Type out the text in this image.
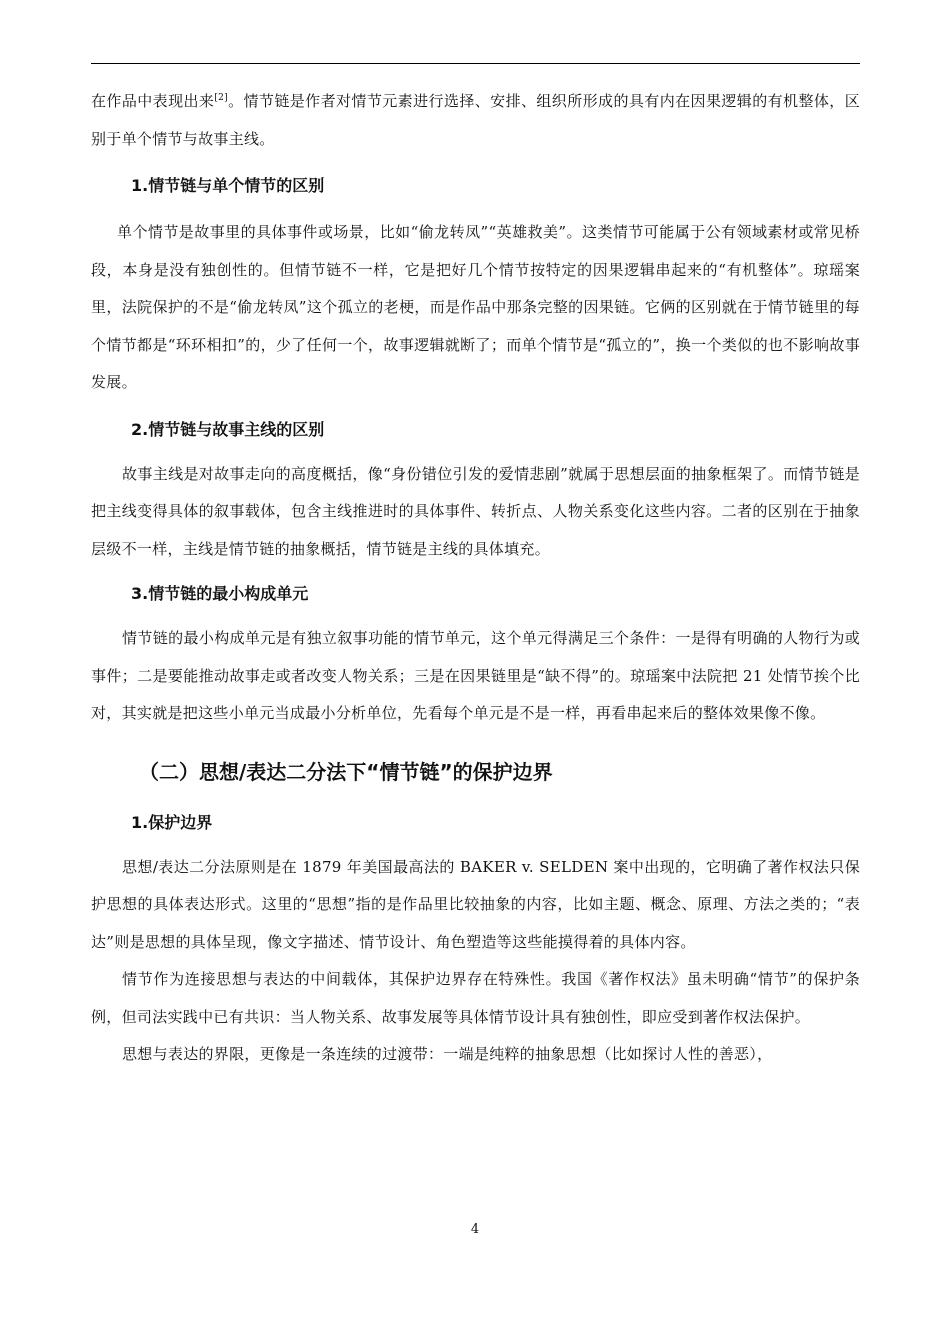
在作品中表现出来[2]。情节链是作者对情节元素进行选择、安排、组织所形成的具有内在因果逻辑的有机整体，区别于单个情节与故事主线。

1.情节链与单个情节的区别

单个情节是故事里的具体事件或场景，比如“偷龙转凤”“英雄救美”。这类情节可能属于公有领域素材或常见桥段，本身是没有独创性的。但情节链不一样，它是把好几个情节按特定的因果逻辑串起来的“有机整体”。琼瑶案里，法院保护的不是“偷龙转凤”这个孤立的老梗，而是作品中那条完整的因果链。它俩的区别就在于情节链里的每个情节都是“环环相扣”的，少了任何一个，故事逻辑就断了；而单个情节是“孤立的”，换一个类似的也不影响故事发展。

2.情节链与故事主线的区别

故事主线是对故事走向的高度概括，像“身份错位引发的爱情悲剧”就属于思想层面的抽象框架了。而情节链是把主线变得具体的叙事载体，包含主线推进时的具体事件、转折点、人物关系变化这些内容。二者的区别在于抽象层级不一样，主线是情节链的抽象概括，情节链是主线的具体填充。

3.情节链的最小构成单元

情节链的最小构成单元是有独立叙事功能的情节单元，这个单元得满足三个条件：一是得有明确的人物行为或事件；二是要能推动故事走或者改变人物关系；三是在因果链里是“缺不得”的。琼瑶案中法院把 21 处情节挨个比对，其实就是把这些小单元当成最小分析单位，先看每个单元是不是一样，再看串起来后的整体效果像不像。

（二）思想/表达二分法下“情节链”的保护边界
1.保护边界

思想/表达二分法原则是在 1879 年美国最高法的 BAKER v. SELDEN 案中出现的，它明确了著作权法只保护思想的具体表达形式。这里的“思想”指的是作品里比较抽象的内容，比如主题、概念、原理、方法之类的；“表达”则是思想的具体呈现，像文字描述、情节设计、角色塑造等这些能摸得着的具体内容。

情节作为连接思想与表达的中间载体，其保护边界存在特殊性。我国《著作权法》虽未明确“情节”的保护条例，但司法实践中已有共识：当人物关系、故事发展等具体情节设计具有独创性，即应受到著作权法保护。

思想与表达的界限，更像是一条连续的过渡带：一端是纯粹的抽象思想（比如探讨人性的善恶），

4
